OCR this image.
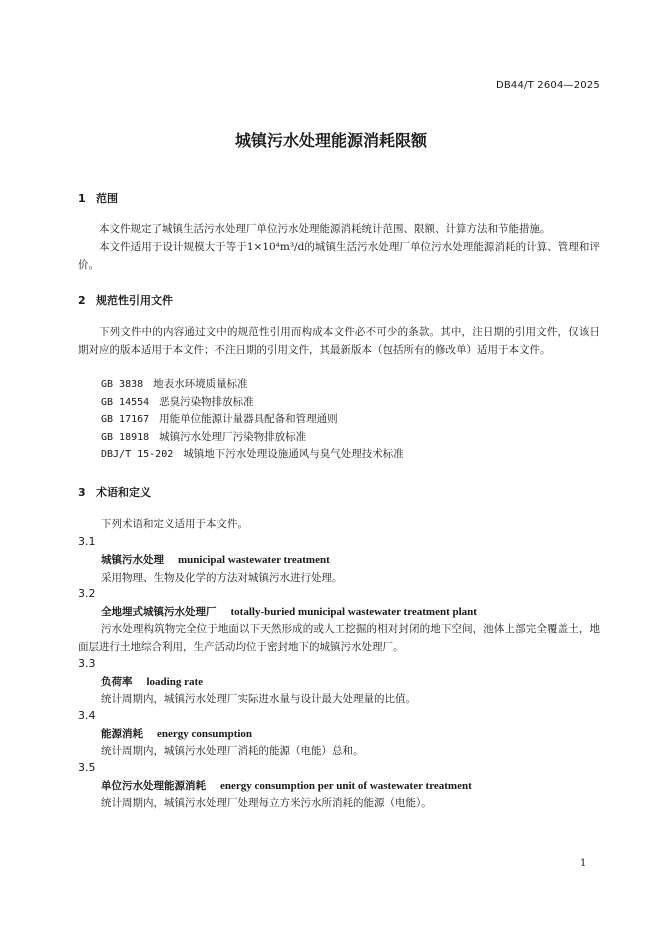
DB44/T 2604—2025
城镇污水处理能源消耗限额
1 范围
本文件规定了城镇生活污水处理厂单位污水处理能源消耗统计范围、限额、计算方法和节能措施。
本文件适用于设计规模大于等于1×10⁴m³/d的城镇生活污水处理厂单位污水处理能源消耗的计算、管理和评价。
2 规范性引用文件
下列文件中的内容通过文中的规范性引用而构成本文件必不可少的条款。其中，注日期的引用文件，仅该日期对应的版本适用于本文件；不注日期的引用文件，其最新版本（包括所有的修改单）适用于本文件。
GB 3838 地表水环境质量标准
GB 14554 恶臭污染物排放标准
GB 17167 用能单位能源计量器具配备和管理通则
GB 18918 城镇污水处理厂污染物排放标准
DBJ/T 15-202 城镇地下污水处理设施通风与臭气处理技术标准
3 术语和定义
下列术语和定义适用于本文件。
3.1
城镇污水处理 municipal wastewater treatment
采用物理、生物及化学的方法对城镇污水进行处理。
3.2
全地埋式城镇污水处理厂 totally-buried municipal wastewater treatment plant
污水处理构筑物完全位于地面以下天然形成的或人工挖掘的相对封闭的地下空间，池体上部完全覆盖土，地面层进行土地综合利用，生产活动均位于密封地下的城镇污水处理厂。
3.3
负荷率 loading rate
统计周期内，城镇污水处理厂实际进水量与设计最大处理量的比值。
3.4
能源消耗 energy consumption
统计周期内，城镇污水处理厂消耗的能源（电能）总和。
3.5
单位污水处理能源消耗 energy consumption per unit of wastewater treatment
统计周期内，城镇污水处理厂处理每立方米污水所消耗的能源（电能）。
1
